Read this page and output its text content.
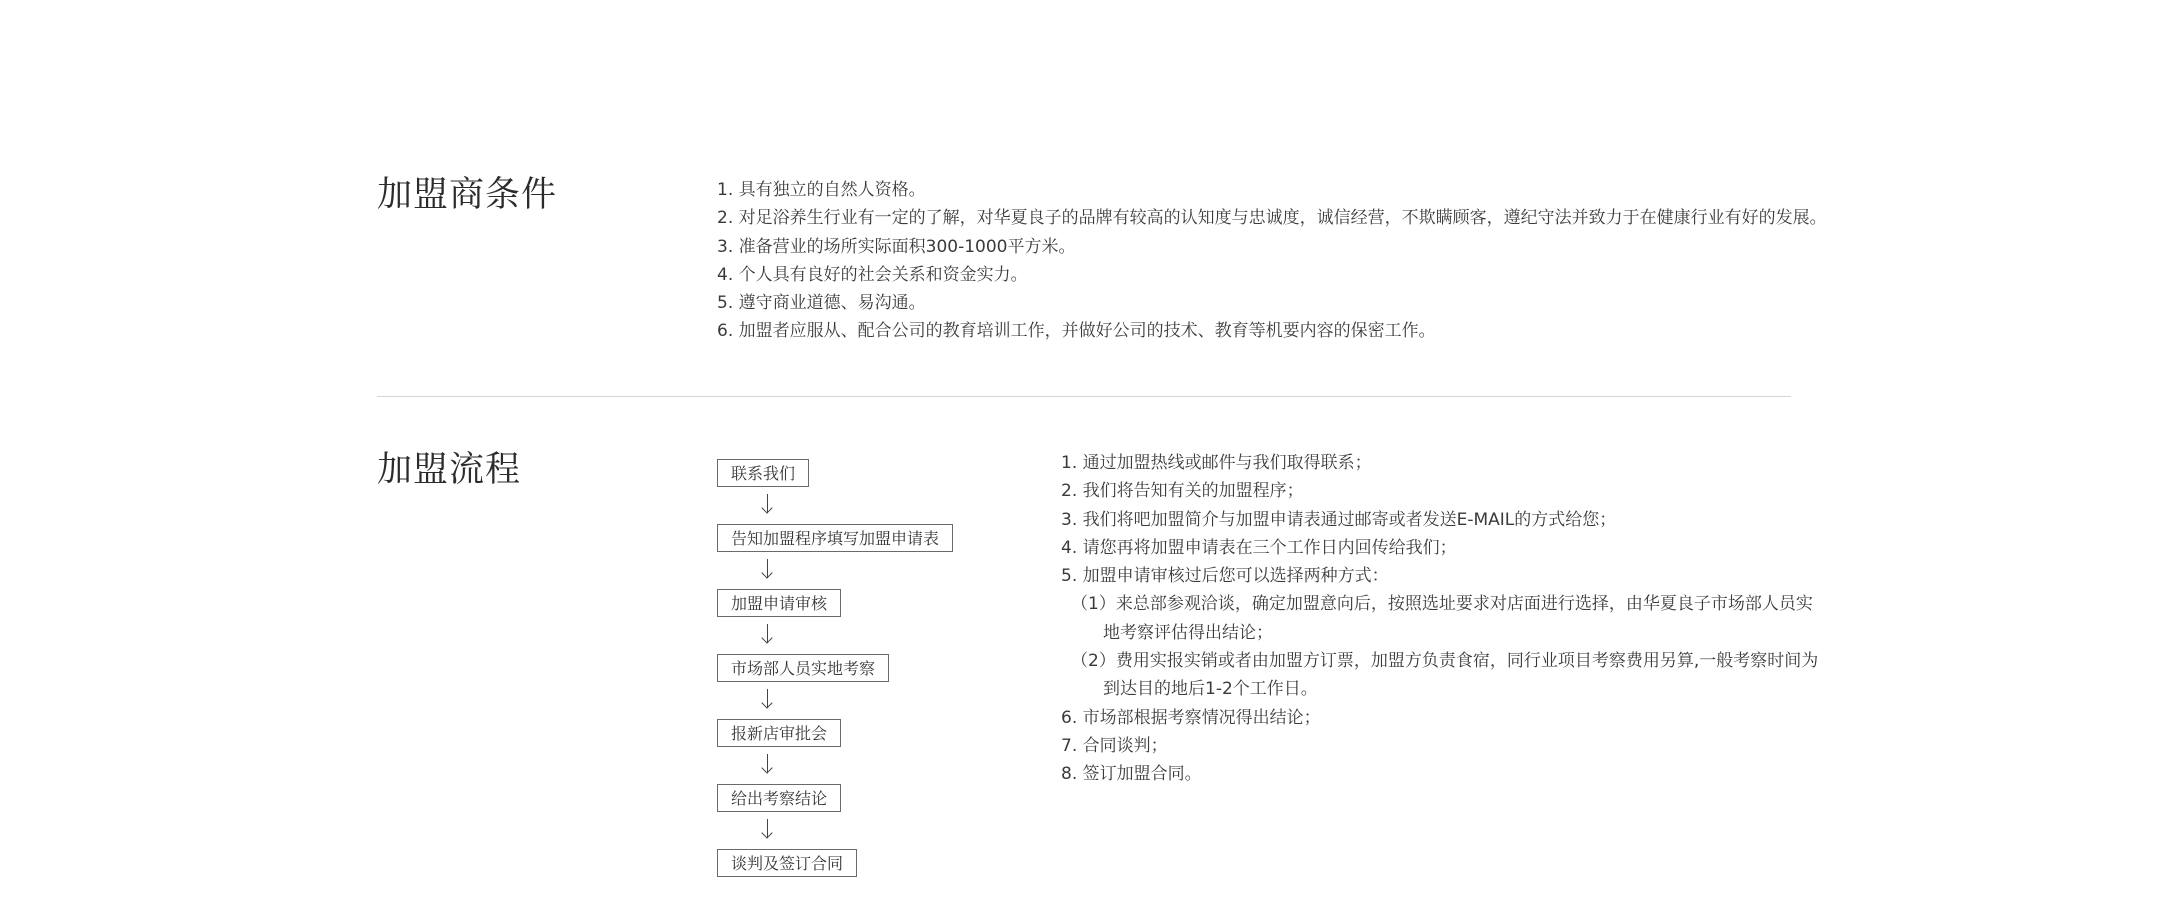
加盟商条件	1. 具有独立的自然人资格。
2. 对足浴养生行业有一定的了解，对华夏良子的品牌有较高的认知度与忠诚度，诚信经营，不欺瞒顾客，遵纪守法并致力于在健康行业有好的发展。
3. 准备营业的场所实际面积300-1000平方米。
4. 个人具有良好的社会关系和资金实力。
5. 遵守商业道德、易沟通。
6. 加盟者应服从、配合公司的教育培训工作，并做好公司的技术、教育等机要内容的保密工作。
加盟流程	联系我们
告知加盟程序填写加盟申请表
加盟申请审核
市场部人员实地考察
报新店审批会
给出考察结论
谈判及签订合同
1. 通过加盟热线或邮件与我们取得联系；
2. 我们将告知有关的加盟程序；
3. 我们将吧加盟简介与加盟申请表通过邮寄或者发送E-MAIL的方式给您；
4. 请您再将加盟申请表在三个工作日内回传给我们；
5. 加盟申请审核过后您可以选择两种方式：
（1）来总部参观洽谈，确定加盟意向后，按照选址要求对店面进行选择，由华夏良子市场部人员实
地考察评估得出结论；
（2）费用实报实销或者由加盟方订票，加盟方负责食宿，同行业项目考察费用另算,一般考察时间为
到达目的地后1-2个工作日。
6. 市场部根据考察情况得出结论；
7. 合同谈判；
8. 签订加盟合同。
